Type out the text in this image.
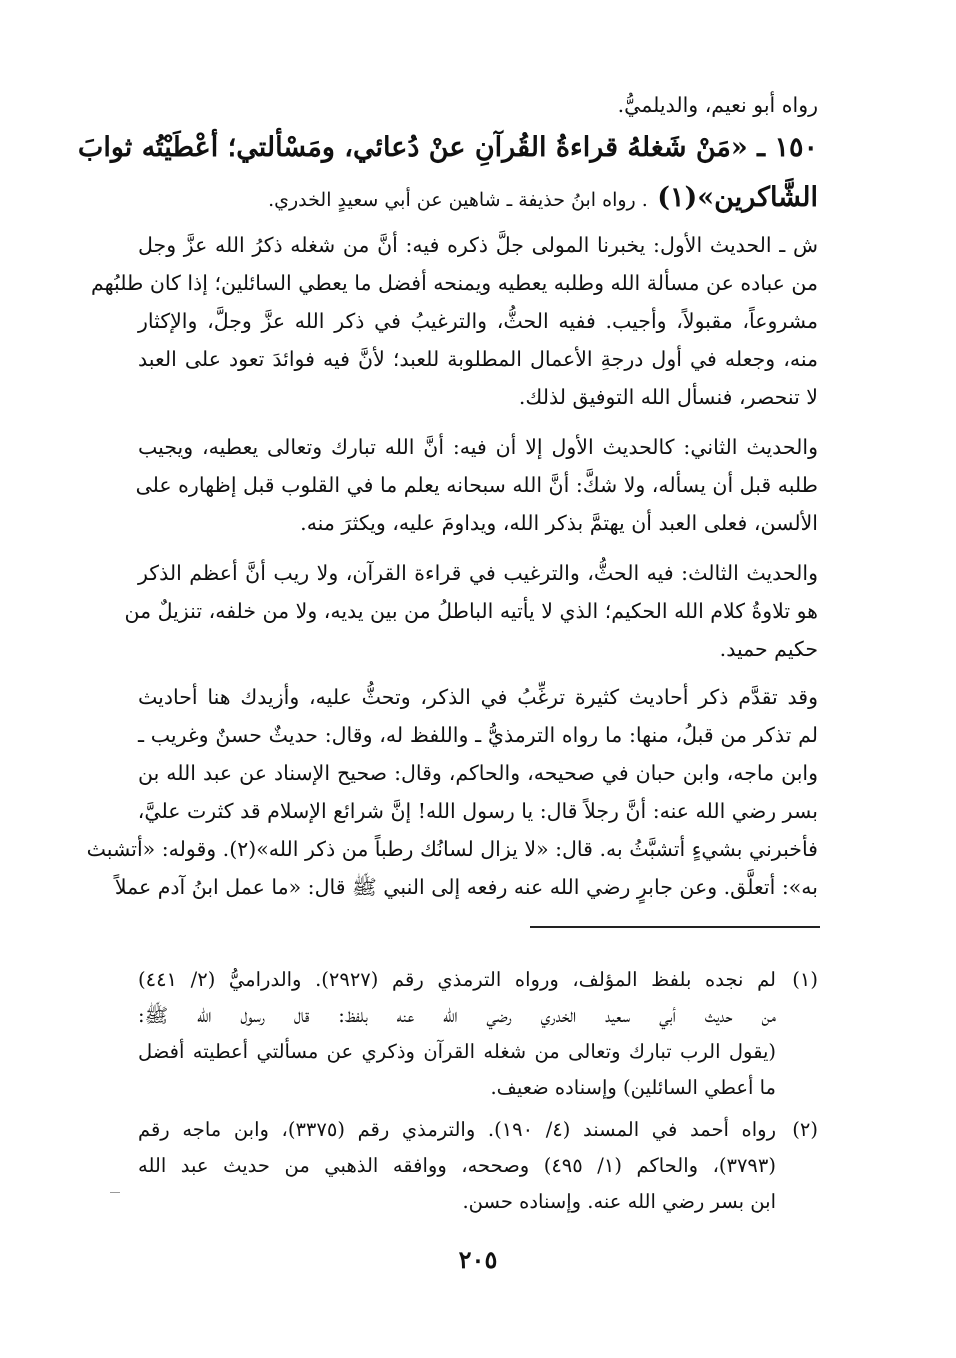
رواه أبو نعيم، والديلميُّ.
١٥٠ ـ «مَنْ شَغلهُ قراءةُ القُرآنِ عنْ دُعائي، ومَسْألتي؛ أعْطَيْتُه ثوابَ
الشَّاكرين»(١) . رواه ابنُ حذيفة ـ شاهين عن أبي سعيدٍ الخدري.
ش ـ الحديث الأول: يخبرنا المولى جلَّ ذكره فيه: أنَّ من شغله ذكرُ الله عزَّ وجل
من عباده عن مسألة الله وطلبه يعطيه ويمنحه أفضل ما يعطي السائلين؛ إذا كان طلبُهم
مشروعاً، مقبولاً، وأجيب. ففيه الحثُّ، والترغيبُ في ذكر الله عزَّ وجلَّ، والإكثار
منه، وجعله في أول درجةِ الأعمال المطلوبة للعبد؛ لأنَّ فيه فوائدَ تعود على العبد
لا تنحصر، فنسأل الله التوفيق لذلك.
والحديث الثاني: كالحديث الأول إلا أن فيه: أنَّ الله تبارك وتعالى يعطيه، ويجيب
طلبه قبل أن يسأله، ولا شكَّ: أنَّ الله سبحانه يعلم ما في القلوب قبل إظهاره على
الألسن، فعلى العبد أن يهتمَّ بذكر الله، ويداومَ عليه، ويكثرَ منه.
والحديث الثالث: فيه الحثُّ، والترغيب في قراءة القرآن، ولا ريب أنَّ أعظم الذكر
هو تلاوةُ كلام الله الحكيم؛ الذي لا يأتيه الباطلُ من بين يديه، ولا من خلفه، تنزيلٌ من
حكيم حميد.
وقد تقدَّم ذكر أحاديث كثيرة ترغِّبُ في الذكر، وتحثُّ عليه، وأزيدك هنا أحاديث
لم تذكر من قبلُ، منها: ما رواه الترمذيُّ ـ واللفظ له، وقال: حديثٌ حسنٌ وغريب ـ
وابن ماجه، وابن حبان في صحيحه، والحاكم، وقال: صحيح الإسناد عن عبد الله بن
بسر رضي الله عنه: أنَّ رجلاً قال: يا رسول الله! إنَّ شرائع الإسلام قد كثرت عليَّ،
فأخبرني بشيءٍ أتشبَّثُ به. قال: «لا يزال لسانُك رطباً من ذكر الله»(٢). وقوله: «أتشبث
به»: أتعلَّق. وعن جابرٍ رضي الله عنه رفعه إلى النبي ﷺ قال: «ما عمل ابنُ آدم عملاً
(١)
لم نجده بلفظ المؤلف، ورواه الترمذي رقم (٢٩٢٧). والدراميُّ (٢/ ٤٤١)
من حديث أبي سعيد الخدري رضي الله عنه بلفظ: قال رسول الله ﷺ:
(يقول الرب تبارك وتعالى من شغله القرآن وذكري عن مسألتي أعطيته أفضل
ما أعطي السائلين) وإسناده ضعيف.
(٢)
رواه أحمد في المسند (٤/ ١٩٠). والترمذي رقم (٣٣٧٥)، وابن ماجه رقم
(٣٧٩٣)، والحاكم (١/ ٤٩٥) وصححه، ووافقه الذهبي من حديث عبد الله
ابن بسر رضي الله عنه. وإسناده حسن.
٢٠٥
